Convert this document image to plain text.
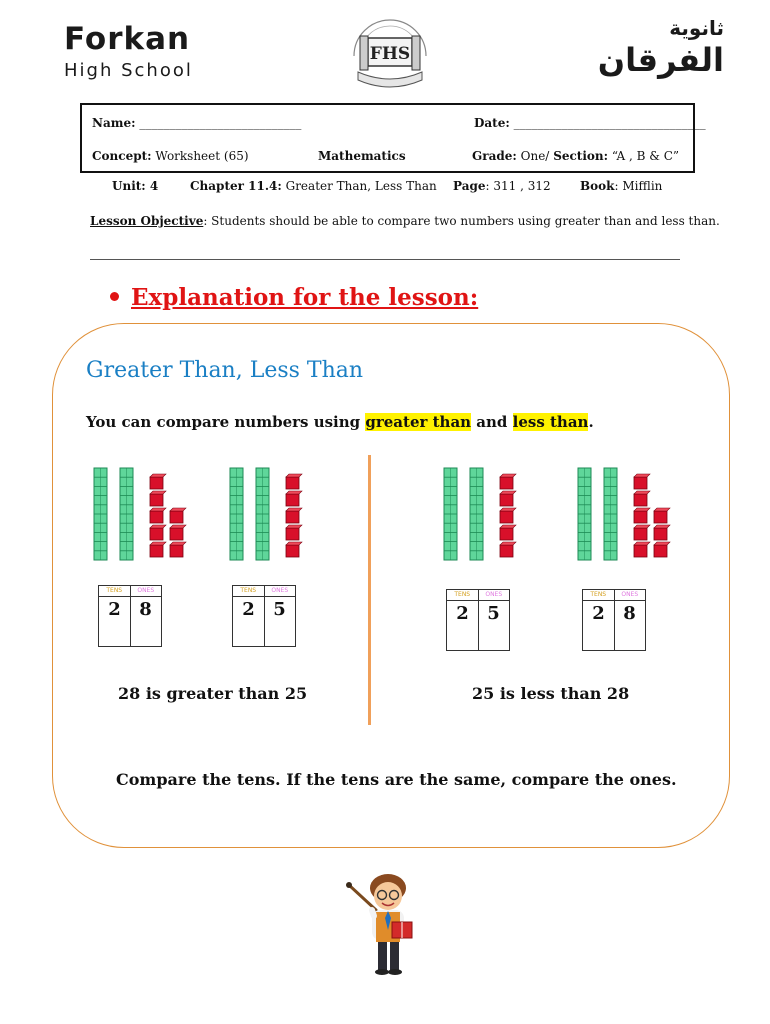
Forkan
High School
FHS
ثانوية
الفرقان
Name: ___________________________	Date: ________________________________
Concept: Worksheet (65)	Mathematics	Grade: One/ Section: “A , B & C”
Unit: 4	Chapter 11.4: Greater Than, Less Than Page: 311 , 312 Book: Mifflin
Lesson Objective: Students should be able to compare two numbers using greater than and less than.
Explanation for the lesson:
Greater Than, Less Than
You can compare numbers using greater than and less than.
TENS	ONES
2	8
TENS	ONES
2	5
TENS	ONES
2	5
TENS	ONES
2	8
28 is greater than 25	25 is less than 28
Compare the tens. If the tens are the same, compare the ones.
